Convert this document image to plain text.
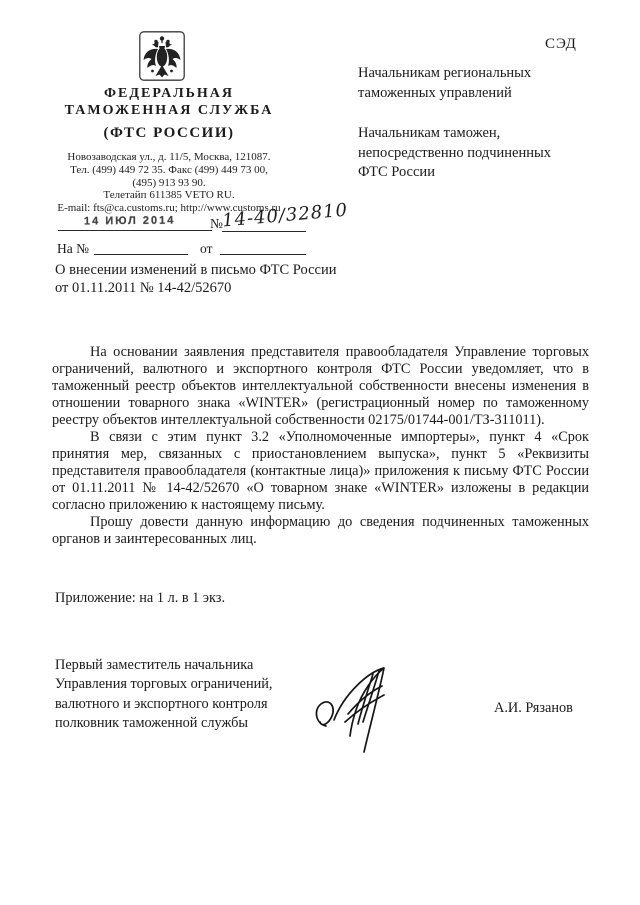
СЭД
ФЕДЕРАЛЬНАЯ
ТАМОЖЕННАЯ СЛУЖБА
(ФТС РОССИИ)
Новозаводская ул., д. 11/5, Москва, 121087.
Тел. (499) 449 72 35. Факс (499) 449 73 00,
(495) 913 93 90.
Телетайп 611385 VETO RU.
E-mail: fts@ca.customs.ru; http://www.customs.ru
Начальникам региональных таможенных управлений
Начальникам таможен, непосредственно подчиненных ФТС России
14 ИЮЛ 2014	№
14-40/32810
На №	от
О внесении изменений в письмо ФТС России от 01.11.2011 № 14-42/52670

На основании заявления представителя правообладателя Управление торговых ограничений, валютного и экспортного контроля ФТС России уведомляет, что в таможенный реестр объектов интеллектуальной собственности внесены изменения в отношении товарного знака «WINTER» (регистрационный номер по таможенному реестру объектов интеллектуальной собственности 02175/01744-001/ТЗ-311011).

В связи с этим пункт 3.2 «Уполномоченные импортеры», пункт 4 «Срок принятия мер, связанных с приостановлением выпуска», пункт 5 «Реквизиты представителя правообладателя (контактные лица)» приложения к письму ФТС России от 01.11.2011 № 14-42/52670 «О товарном знаке «WINTER» изложены в редакции согласно приложению к настоящему письму.

Прошу довести данную информацию до сведения подчиненных таможенных органов и заинтересованных лиц.

Приложение: на 1 л. в 1 экз.
Первый заместитель начальника
Управления торговых ограничений,
валютного и экспортного контроля
полковник таможенной службы
А.И. Рязанов
